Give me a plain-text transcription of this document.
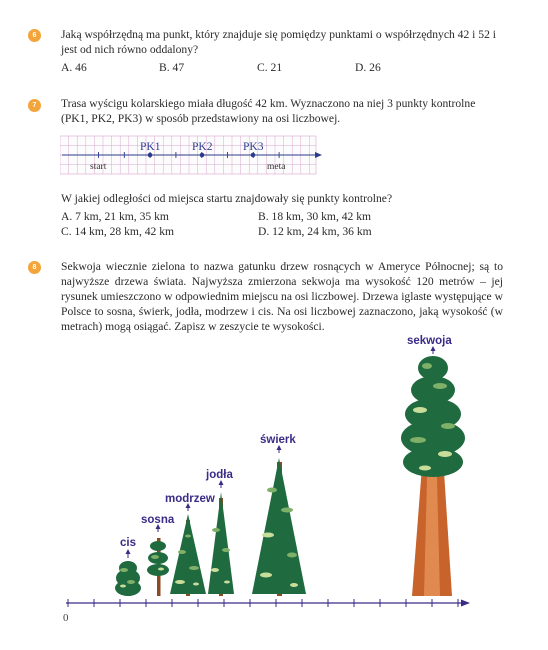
6	Jaką współrzędną ma punkt, który znajduje się pomiędzy punktami o współrzędnych 42 i 52 i jest od nich równo oddalony?
A. 46	B. 47	C. 21	D. 26
7	Trasa wyścigu kolarskiego miała długość 42 km. Wyznaczono na niej 3 punkty kontrolne (PK1, PK2, PK3) w sposób przedstawiony na osi liczbowej.
PK1	PK2	PK3
start	meta
W jakiej odległości od miejsca startu znajdowały się punkty kontrolne?
A. 7 km, 21 km, 35 km	B. 18 km, 30 km, 42 km
C. 14 km, 28 km, 42 km	D. 12 km, 24 km, 36 km
8	Sekwoja wiecznie zielona to nazwa gatunku drzew rosnących w Ameryce Północnej; są to najwyższe drzewa świata. Najwyższa zmierzona sekwoja ma wysokość 120 metrów – jej rysunek umieszczono w odpowiednim miejscu na osi liczbowej. Drzewa iglaste występujące w Polsce to sosna, świerk, jodła, modrzew i cis. Na osi liczbowej zaznaczono, jaką wysokość (w metrach) mogą osiągać. Zapisz w zeszycie te wysokości.
0
cis
sosna
modrzew
jodła
świerk
sekwoja
